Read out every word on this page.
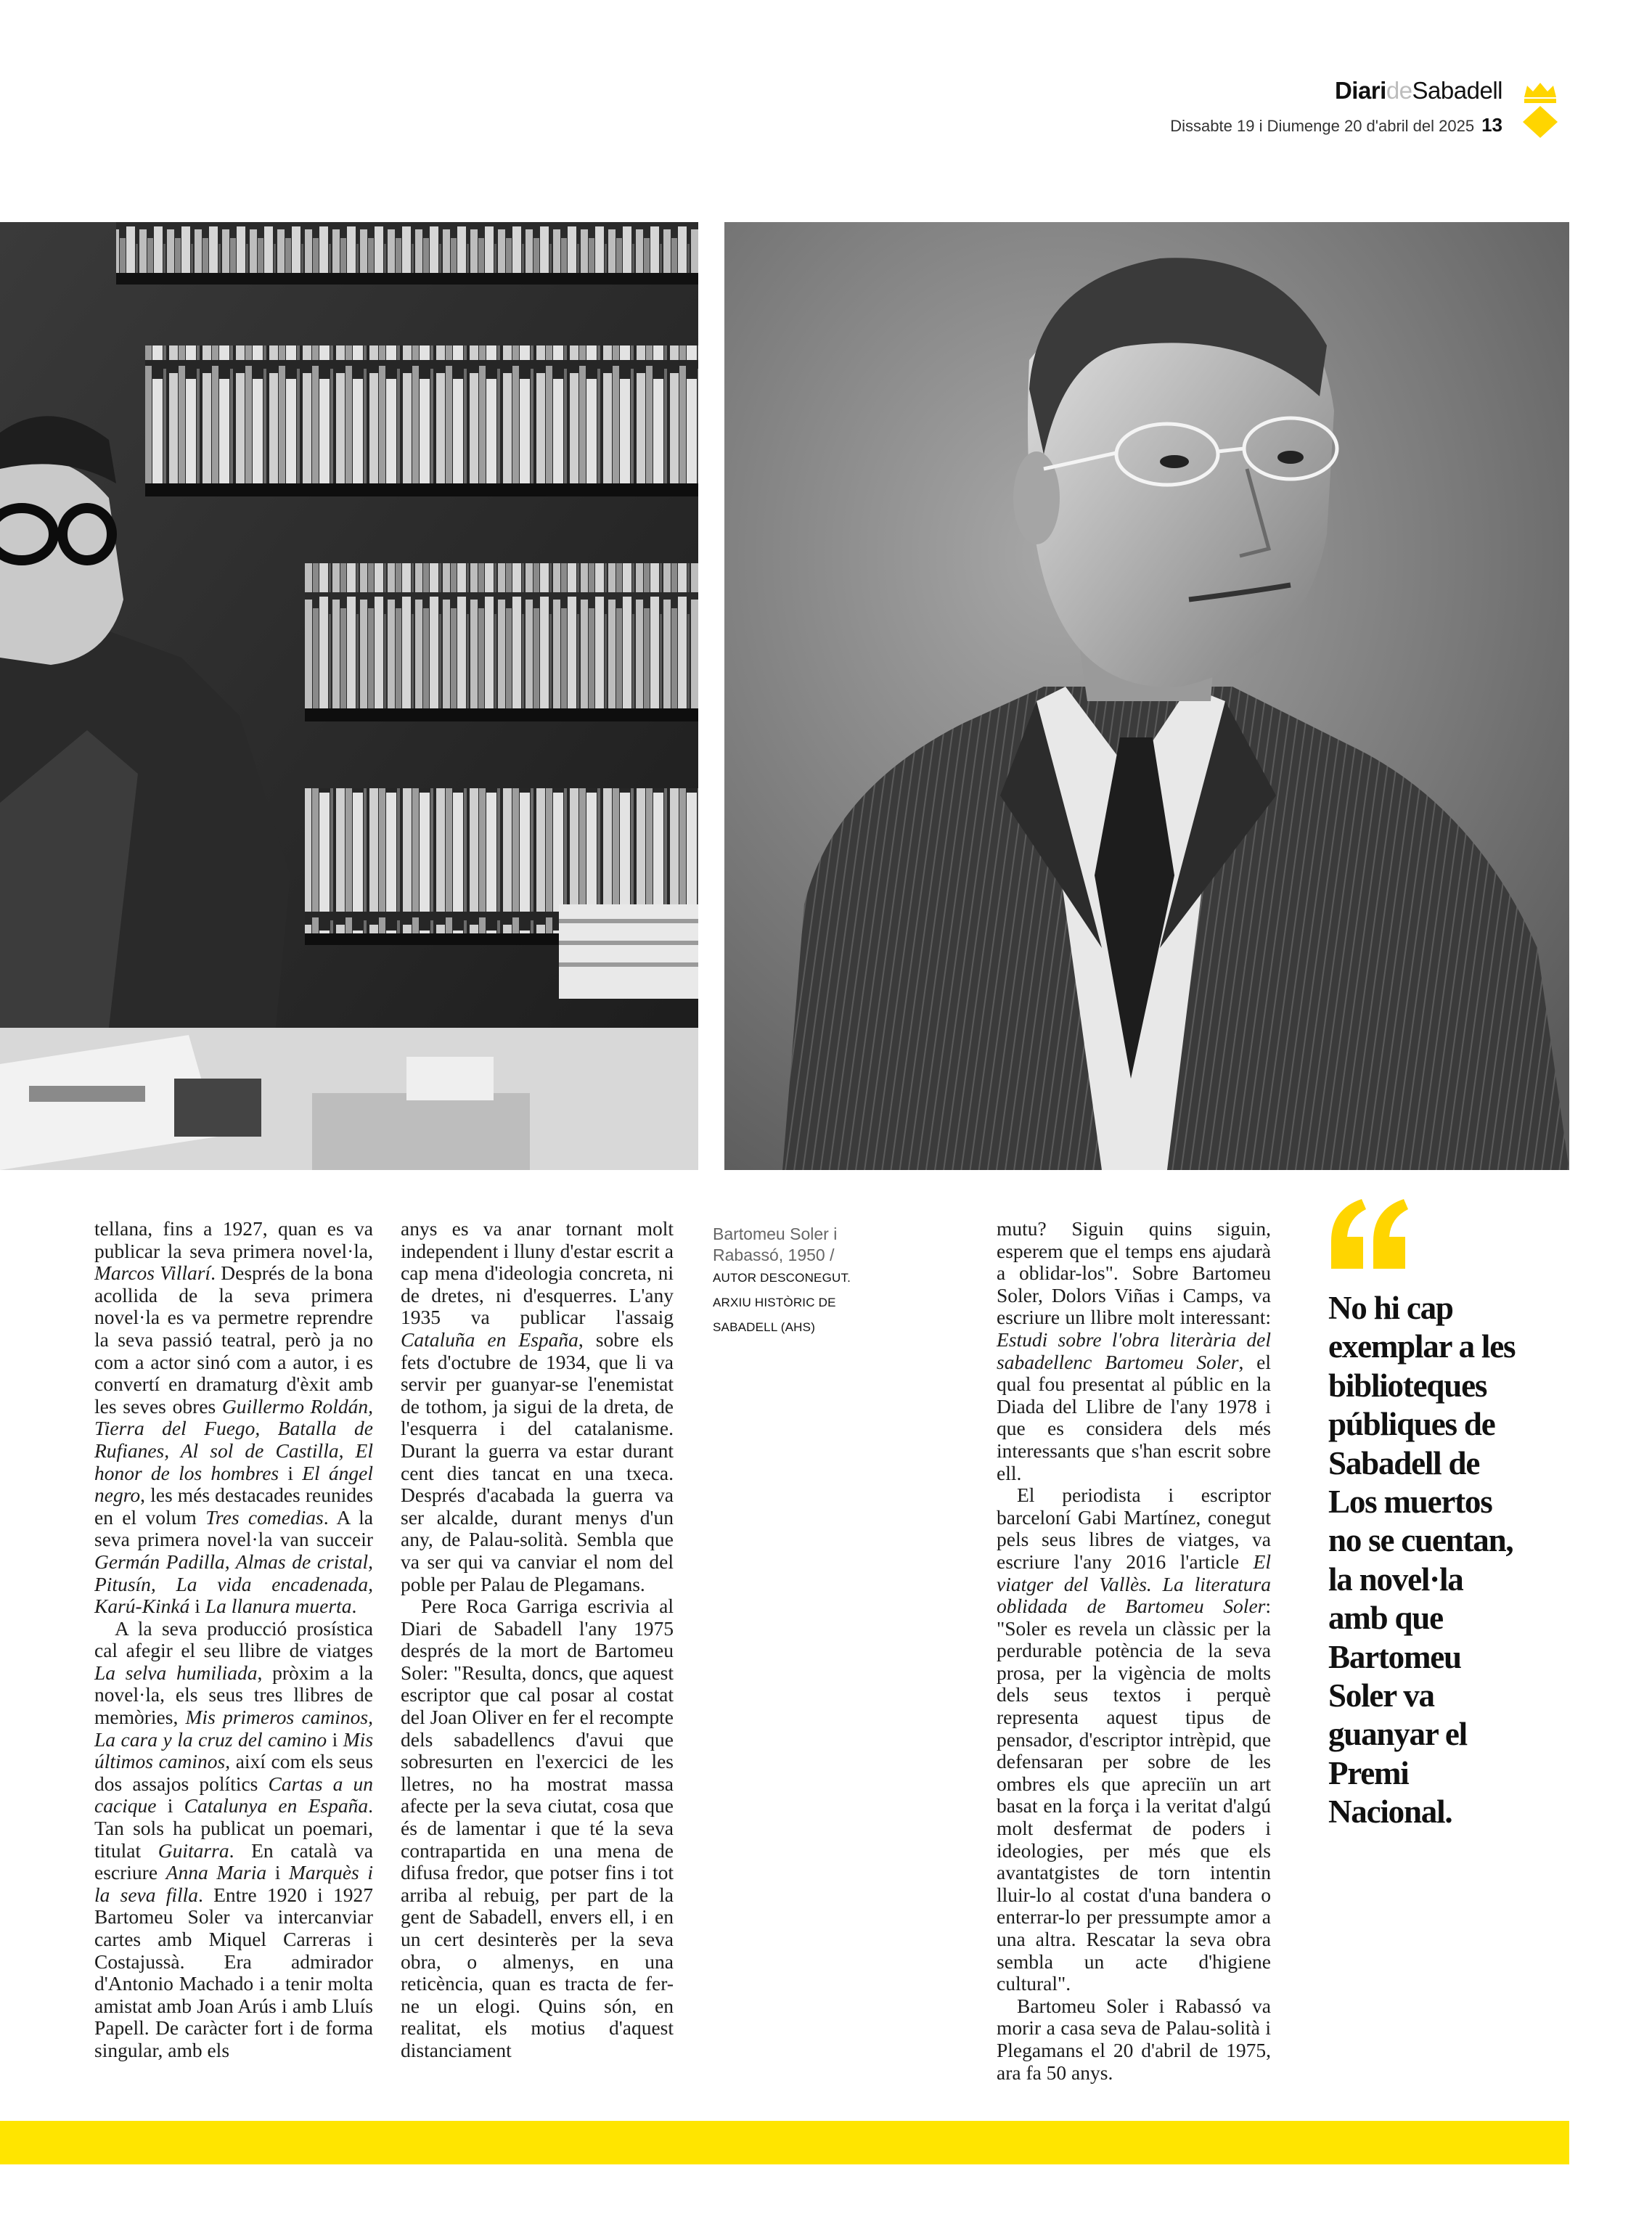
DiarideSabadell
Dissabte 19 i Diumenge 20 d'abril del 2025 13

tellana, fins a 1927, quan es va publicar la seva primera novel·la, Marcos Villarí. Després de la bona acollida de la seva primera novel·la es va permetre reprendre la seva passió teatral, però ja no com a actor sinó com a autor, i es convertí en dramaturg d'èxit amb les seves obres Guillermo Roldán, Tierra del Fuego, Batalla de Rufianes, Al sol de Castilla, El honor de los hombres i El ángel negro, les més destacades reunides en el volum Tres comedias. A la seva primera novel·la van succeir Germán Padilla, Almas de cristal, Pitusín, La vida encadenada, Karú-Kinká i La llanura muerta.

A la seva producció prosística cal afegir el seu llibre de viatges La selva humiliada, pròxim a la novel·la, els seus tres llibres de memòries, Mis primeros caminos, La cara y la cruz del camino i Mis últimos caminos, així com els seus dos assajos polítics Cartas a un cacique i Catalunya en España. Tan sols ha publicat un poemari, titulat Guitarra. En català va escriure Anna Maria i Marquès i la seva filla. Entre 1920 i 1927 Bartomeu Soler va intercanviar cartes amb Miquel Carreras i Costajussà. Era admirador d'Antonio Machado i a tenir molta amistat amb Joan Arús i amb Lluís Papell. De caràcter fort i de forma singular, amb els

anys es va anar tornant molt independent i lluny d'estar escrit a cap mena d'ideologia concreta, ni de dretes, ni d'esquerres. L'any 1935 va publicar l'assaig Cataluña en España, sobre els fets d'octubre de 1934, que li va servir per guanyar-se l'enemistat de tothom, ja sigui de la dreta, de l'esquerra i del catalanisme. Durant la guerra va estar durant cent dies tancat en una txeca. Després d'acabada la guerra va ser alcalde, durant menys d'un any, de Palau-solità. Sembla que va ser qui va canviar el nom del poble per Palau de Plegamans.

Pere Roca Garriga escrivia al Diari de Sabadell l'any 1975 després de la mort de Bartomeu Soler: "Resulta, doncs, que aquest escriptor que cal posar al costat del Joan Oliver en fer el recompte dels sabadellencs d'avui que sobresurten en l'exercici de les lletres, no ha mostrat massa afecte per la seva ciutat, cosa que és de lamentar i que té la seva contrapartida en una mena de difusa fredor, que potser fins i tot arriba al rebuig, per part de la gent de Sabadell, envers ell, i en un cert desinterès per la seva obra, o almenys, en una reticència, quan es tracta de fer-ne un elogi. Quins són, en realitat, els motius d'aquest distanciament

Bartomeu Soler i Rabassó, 1950 /
AUTOR DESCONEGUT. ARXIU HISTÒRIC DE SABADELL (AHS)

mutu? Siguin quins siguin, esperem que el temps ens ajudarà a oblidar-los". Sobre Bartomeu Soler, Dolors Viñas i Camps, va escriure un llibre molt interessant: Estudi sobre l'obra literària del sabadellenc Bartomeu Soler, el qual fou presentat al públic en la Diada del Llibre de l'any 1978 i que es considera dels més interessants que s'han escrit sobre ell.

El periodista i escriptor barceloní Gabi Martínez, conegut pels seus libres de viatges, va escriure l'any 2016 l'article El viatger del Vallès. La literatura oblidada de Bartomeu Soler: "Soler es revela un clàssic per la perdurable potència de la seva prosa, per la vigència de molts dels seus textos i perquè representa aquest tipus de pensador, d'escriptor intrèpid, que defensaran per sobre de les ombres els que apreciïn un art basat en la força i la veritat d'algú molt desfermat de poders i ideologies, per més que els avantatgistes de torn intentin lluir-lo al costat d'una bandera o enterrar-lo per pressumpte amor a una altra. Rescatar la seva obra sembla un acte d'higiene cultural".

Bartomeu Soler i Rabassó va morir a casa seva de Palau-solità i Plegamans el 20 d'abril de 1975, ara fa 50 anys.

No hi cap exemplar a les biblioteques públiques de Sabadell de Los muertos no se cuentan, la novel·la amb que Bartomeu Soler va guanyar el Premi Nacional.
